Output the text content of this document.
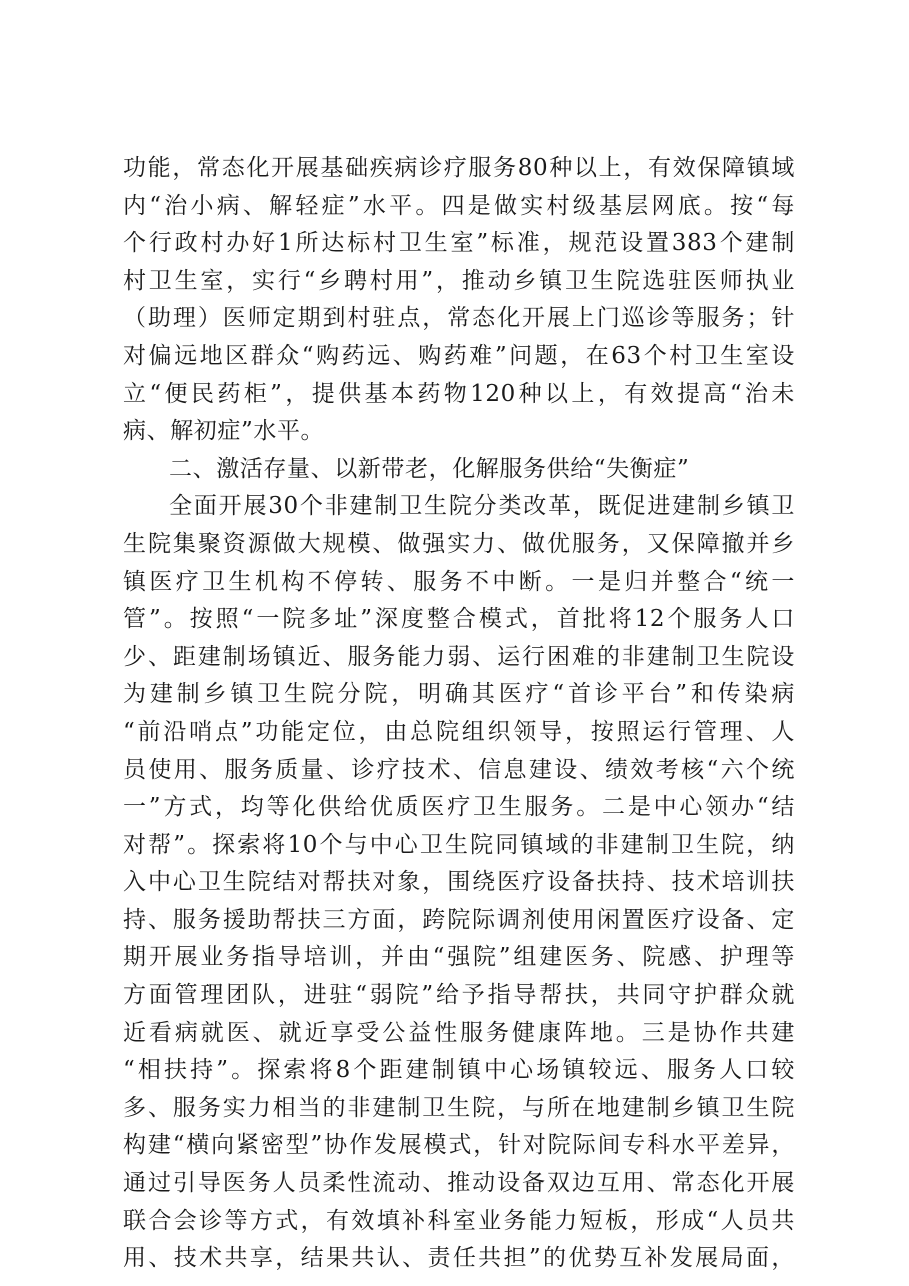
功能，常态化开展基础疾病诊疗服务80种以上，有效保障镇域
内“治小病、解轻症”水平。四是做实村级基层网底。按“每
个行政村办好1所达标村卫生室”标准，规范设置383个建制
村卫生室，实行“乡聘村用”，推动乡镇卫生院选驻医师执业
（助理）医师定期到村驻点，常态化开展上门巡诊等服务；针
对偏远地区群众“购药远、购药难”问题，在63个村卫生室设
立“便民药柜”，提供基本药物120种以上，有效提高“治未
病、解初症”水平。
二、激活存量、以新带老，化解服务供给“失衡症”
全面开展30个非建制卫生院分类改革，既促进建制乡镇卫
生院集聚资源做大规模、做强实力、做优服务，又保障撤并乡
镇医疗卫生机构不停转、服务不中断。一是归并整合“统一
管”。按照“一院多址”深度整合模式，首批将12个服务人口
少、距建制场镇近、服务能力弱、运行困难的非建制卫生院设
为建制乡镇卫生院分院，明确其医疗“首诊平台”和传染病
“前沿哨点”功能定位，由总院组织领导，按照运行管理、人
员使用、服务质量、诊疗技术、信息建设、绩效考核“六个统
一”方式，均等化供给优质医疗卫生服务。二是中心领办“结
对帮”。探索将10个与中心卫生院同镇域的非建制卫生院，纳
入中心卫生院结对帮扶对象，围绕医疗设备扶持、技术培训扶
持、服务援助帮扶三方面，跨院际调剂使用闲置医疗设备、定
期开展业务指导培训，并由“强院”组建医务、院感、护理等
方面管理团队，进驻“弱院”给予指导帮扶，共同守护群众就
近看病就医、就近享受公益性服务健康阵地。三是协作共建
“相扶持”。探索将8个距建制镇中心场镇较远、服务人口较
多、服务实力相当的非建制卫生院，与所在地建制乡镇卫生院
构建“横向紧密型”协作发展模式，针对院际间专科水平差异，
通过引导医务人员柔性流动、推动设备双边互用、常态化开展
联合会诊等方式，有效填补科室业务能力短板，形成“人员共
用、技术共享，结果共认、责任共担”的优势互补发展局面，
